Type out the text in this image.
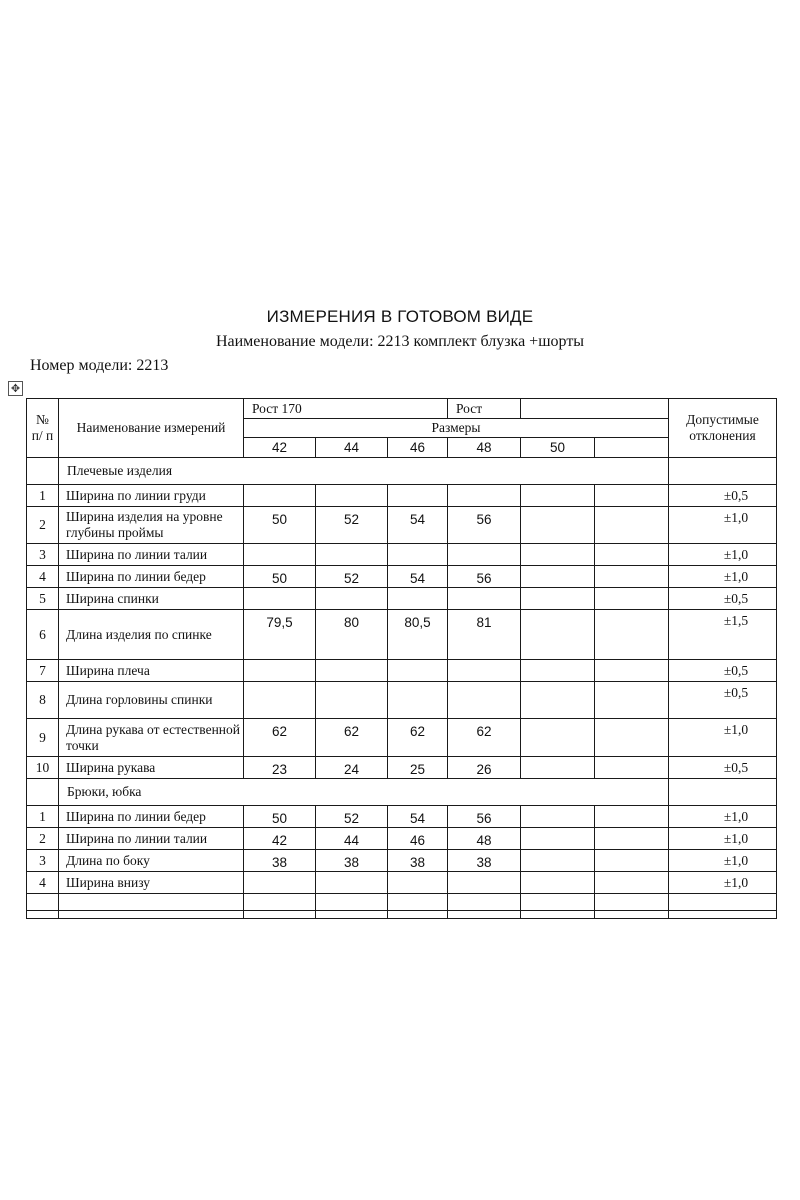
ИЗМЕРЕНИЯ В ГОТОВОМ ВИДЕ
Наименование модели: 2213 комплект блузка +шорты
Номер модели: 2213
✥
№ п/ п	Наименование измерений	Рост 170			Рост			Допустимые отклонения
		Размеры						
		42	44	46	48	50		
	Плечевые изделия							
1	Ширина по линии груди							±0,5
2	Ширина изделия на уровне глубины проймы	50	52	54	56			±1,0
3	Ширина по линии талии							±1,0
4	Ширина по линии бедер	50	52	54	56			±1,0
5	Ширина спинки							±0,5
6	Длина изделия по спинке	79,5	80	80,5	81			±1,5
7	Ширина плеча							±0,5
8	Длина горловины спинки							±0,5
9	Длина рукава от естественной точки	62	62	62	62			±1,0
10	Ширина рукава	23	24	25	26			±0,5
	Брюки, юбка							
1	Ширина по линии бедер	50	52	54	56			±1,0
2	Ширина по линии талии	42	44	46	48			±1,0
3	Длина по боку	38	38	38	38			±1,0
4	Ширина внизу							±1,0
